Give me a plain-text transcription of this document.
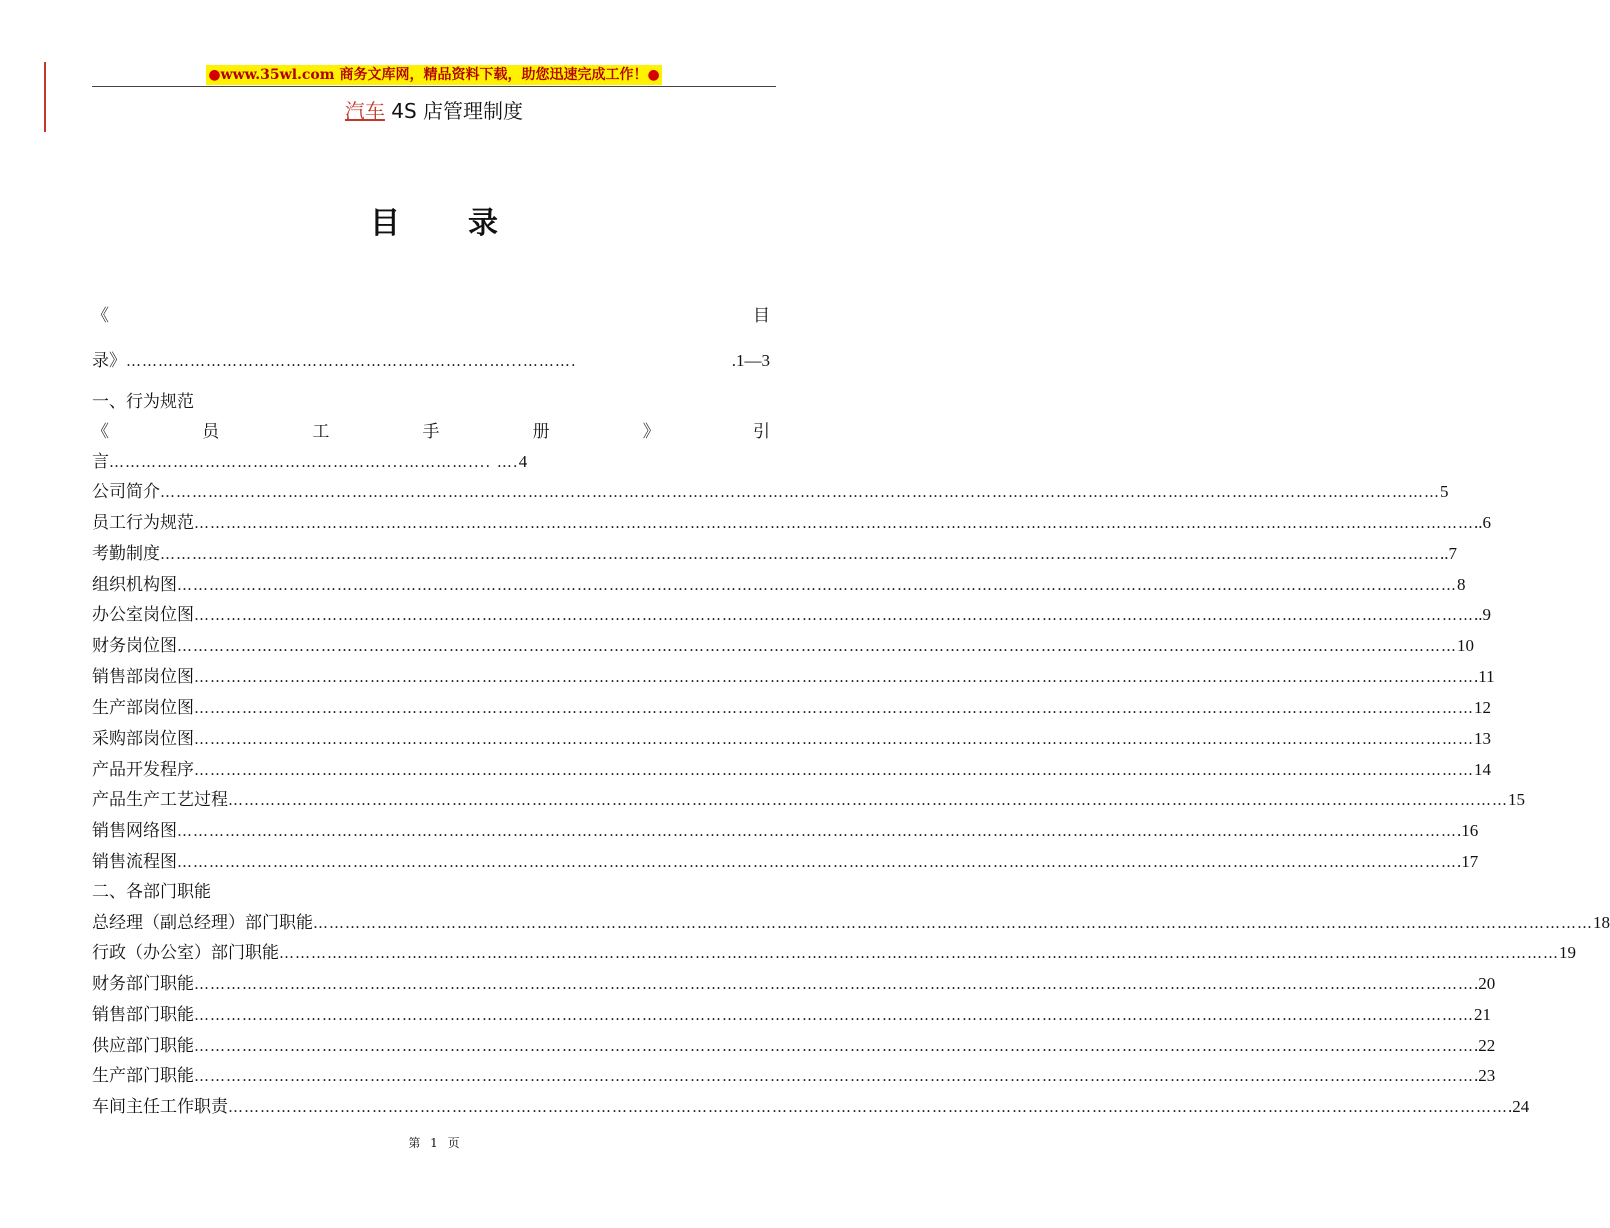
●www.35wl.com 商务文库网，精品资料下载，助您迅速完成工作！●
汽车 4S 店管理制度
目录
《	目
录》 ………………………………………………………..……...……….	.1—3
一、行为规范
《	员	工	手	册	》	引
言 ……………………………………………....………….... …. 4
公司简介 …………………………………………………………………………………………………………………………………………………………………………………………………………………… 5
员工行为规范 …………………………………………………………………………………………………………………………………………………………………………………………………………………… ..6
考勤制度 …………………………………………………………………………………………………………………………………………………………………………………………………………………… ..7
组织机构图 …………………………………………………………………………………………………………………………………………………………………………………………………………………… 8
办公室岗位图 …………………………………………………………………………………………………………………………………………………………………………………………………………………… ..9
财务岗位图 …………………………………………………………………………………………………………………………………………………………………………………………………………………… 10
销售部岗位图 …………………………………………………………………………………………………………………………………………………………………………………………………………………… .11
生产部岗位图 …………………………………………………………………………………………………………………………………………………………………………………………………………………… 12
采购部岗位图 …………………………………………………………………………………………………………………………………………………………………………………………………………………… 13
产品开发程序 …………………………………………………………………………………………………………………………………………………………………………………………………………………… 14
产品生产工艺过程 …………………………………………………………………………………………………………………………………………………………………………………………………………………… 15
销售网络图 …………………………………………………………………………………………………………………………………………………………………………………………………………………… .16
销售流程图 …………………………………………………………………………………………………………………………………………………………………………………………………………………… .17
二、各部门职能
总经理（副总经理）部门职能 …………………………………………………………………………………………………………………………………………………………………………………………………………………… 18
行政（办公室）部门职能 …………………………………………………………………………………………………………………………………………………………………………………………………………………… 19
财务部门职能 …………………………………………………………………………………………………………………………………………………………………………………………………………………… .20
销售部门职能 …………………………………………………………………………………………………………………………………………………………………………………………………………………… 21
供应部门职能 …………………………………………………………………………………………………………………………………………………………………………………………………………………… .22
生产部门职能 …………………………………………………………………………………………………………………………………………………………………………………………………………………… .23
车间主任工作职责 …………………………………………………………………………………………………………………………………………………………………………………………………………………… .24
第 1 页
